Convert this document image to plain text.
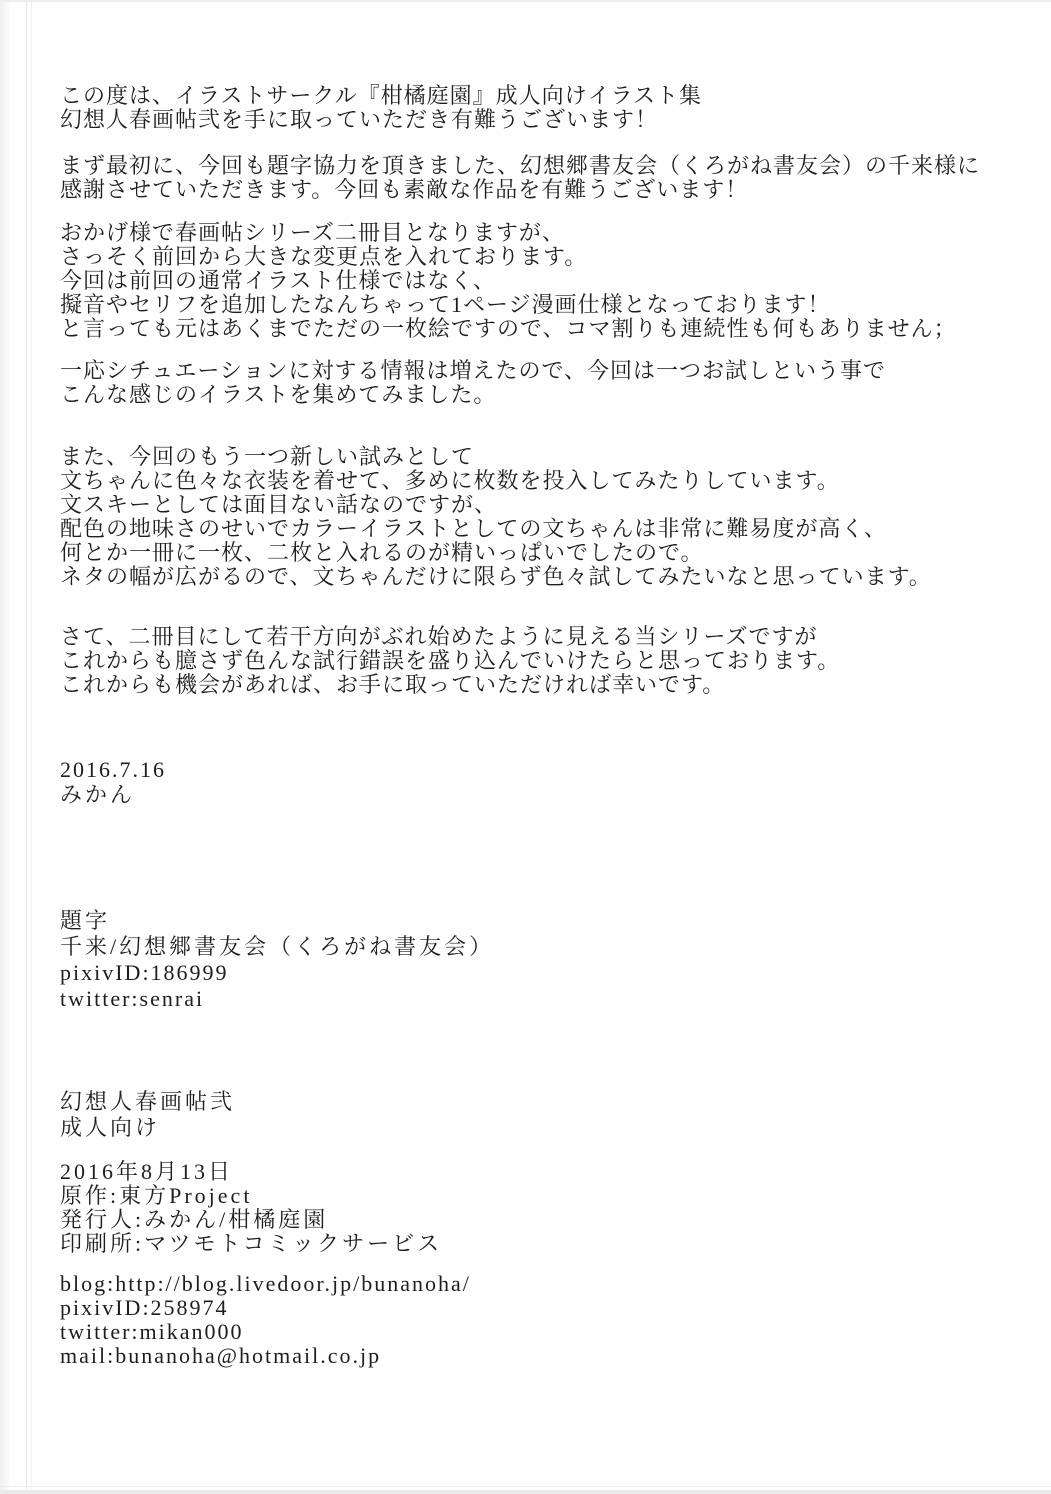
この度は、イラストサークル『柑橘庭園』成人向けイラスト集

幻想人春画帖弐を手に取っていただき有難うございます！

まず最初に、今回も題字協力を頂きました、幻想郷書友会（くろがね書友会）の千来様に

感謝させていただきます。今回も素敵な作品を有難うございます！

おかげ様で春画帖シリーズ二冊目となりますが、

さっそく前回から大きな変更点を入れております。

今回は前回の通常イラスト仕様ではなく、

擬音やセリフを追加したなんちゃって1ページ漫画仕様となっております！

と言っても元はあくまでただの一枚絵ですので、コマ割りも連続性も何もありません；

一応シチュエーションに対する情報は増えたので、今回は一つお試しという事で

こんな感じのイラストを集めてみました。

また、今回のもう一つ新しい試みとして

文ちゃんに色々な衣装を着せて、多めに枚数を投入してみたりしています。

文スキーとしては面目ない話なのですが、

配色の地味さのせいでカラーイラストとしての文ちゃんは非常に難易度が高く、

何とか一冊に一枚、二枚と入れるのが精いっぱいでしたので。

ネタの幅が広がるので、文ちゃんだけに限らず色々試してみたいなと思っています。

さて、二冊目にして若干方向がぶれ始めたように見える当シリーズですが

これからも臆さず色んな試行錯誤を盛り込んでいけたらと思っております。

これからも機会があれば、お手に取っていただければ幸いです。

2016.7.16

みかん

題字

千来/幻想郷書友会（くろがね書友会）

pixivID:186999

twitter:senrai

幻想人春画帖弐

成人向け

2016年8月13日

原作:東方Project

発行人:みかん/柑橘庭園

印刷所:マツモトコミックサービス

blog:http://blog.livedoor.jp/bunanoha/

pixivID:258974

twitter:mikan000

mail:bunanoha@hotmail.co.jp
